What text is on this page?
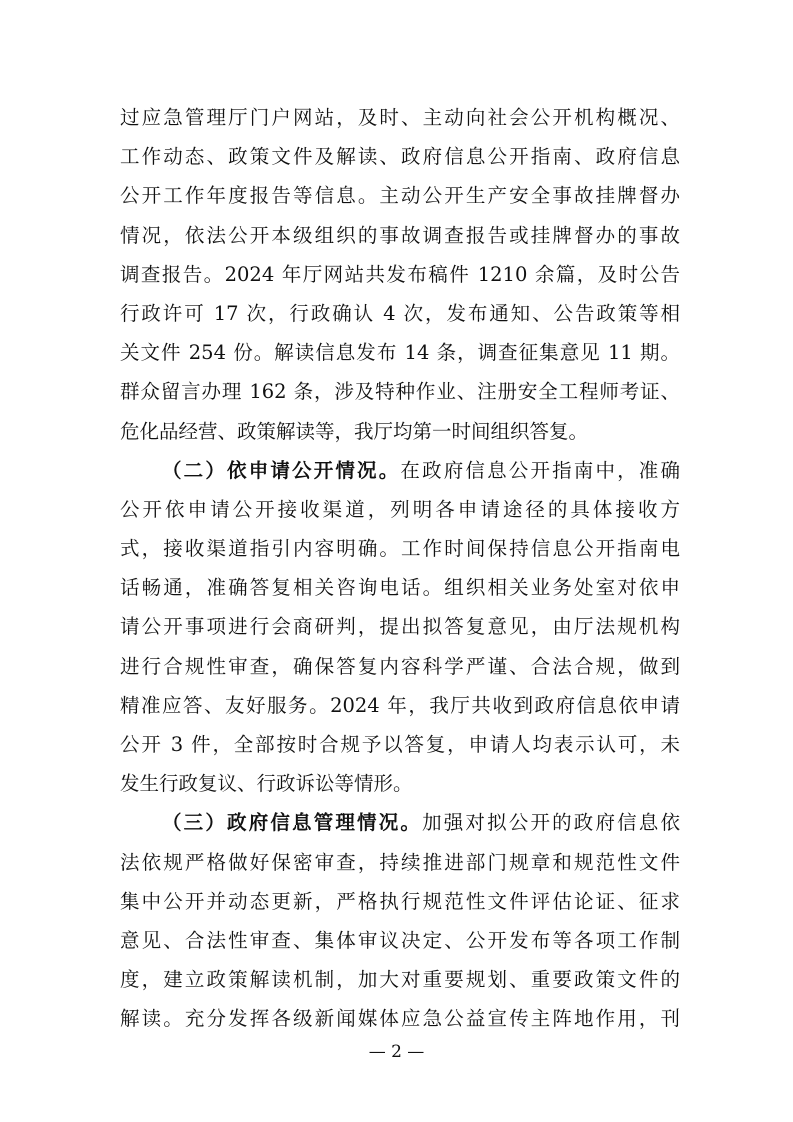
过应急管理厅门户网站，及时、主动向社会公开机构概况、
工作动态、政策文件及解读、政府信息公开指南、政府信息
公开工作年度报告等信息。主动公开生产安全事故挂牌督办
情况，依法公开本级组织的事故调查报告或挂牌督办的事故
调查报告。2024 年厅网站共发布稿件 1210 余篇，及时公告
行政许可 17 次，行政确认 4 次，发布通知、公告政策等相
关文件 254 份。解读信息发布 14 条，调查征集意见 11 期。
群众留言办理 162 条，涉及特种作业、注册安全工程师考证、
危化品经营、政策解读等，我厅均第一时间组织答复。
（二）依申请公开情况。在政府信息公开指南中，准确
公开依申请公开接收渠道，列明各申请途径的具体接收方
式，接收渠道指引内容明确。工作时间保持信息公开指南电
话畅通，准确答复相关咨询电话。组织相关业务处室对依申
请公开事项进行会商研判，提出拟答复意见，由厅法规机构
进行合规性审查，确保答复内容科学严谨、合法合规，做到
精准应答、友好服务。2024 年，我厅共收到政府信息依申请
公开 3 件，全部按时合规予以答复，申请人均表示认可，未
发生行政复议、行政诉讼等情形。
（三）政府信息管理情况。加强对拟公开的政府信息依
法依规严格做好保密审查，持续推进部门规章和规范性文件
集中公开并动态更新，严格执行规范性文件评估论证、征求
意见、合法性审查、集体审议决定、公开发布等各项工作制
度，建立政策解读机制，加大对重要规划、重要政策文件的
解读。充分发挥各级新闻媒体应急公益宣传主阵地作用，刊
— 2 —
